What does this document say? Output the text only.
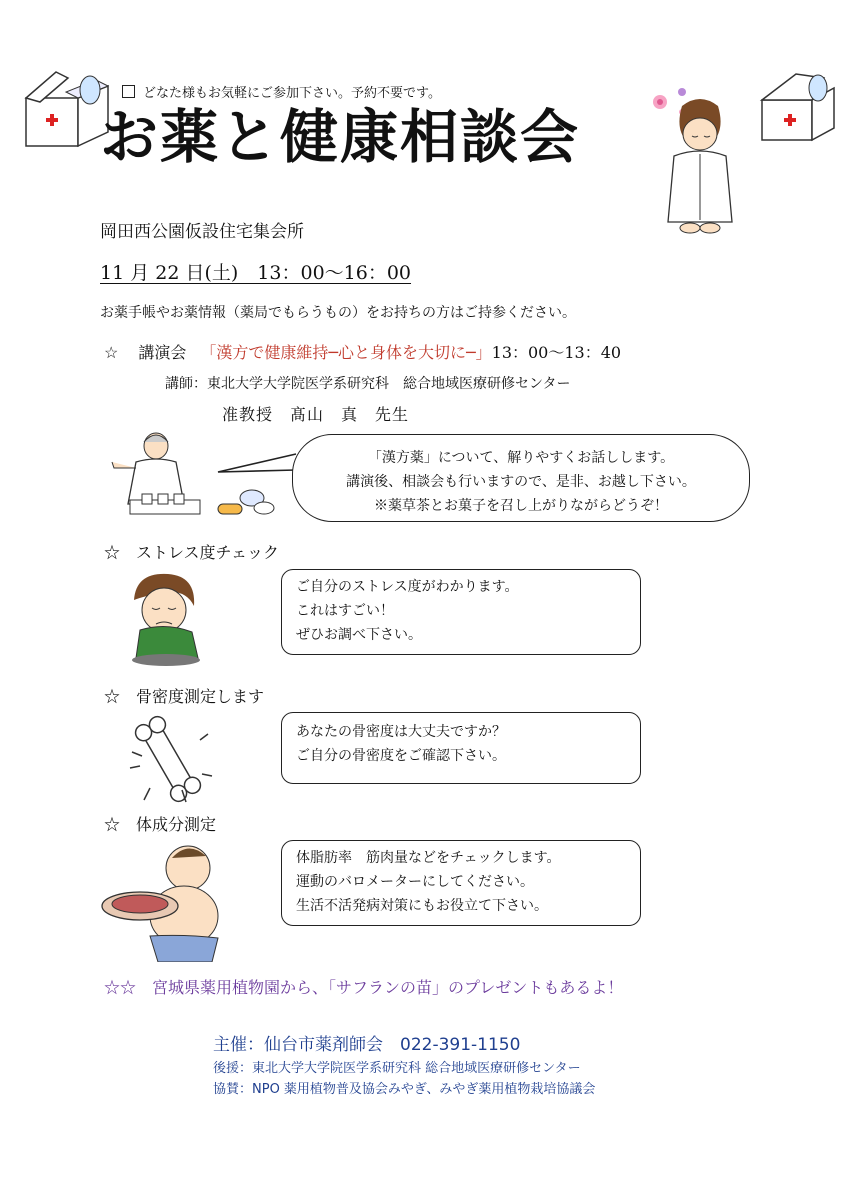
どなた様もお気軽にご参加下さい。予約不要です。
お薬と健康相談会
岡田西公園仮設住宅集会所
11 月 22 日(土)　13：00～16：00
お薬手帳やお薬情報（薬局でもらうもの）をお持ちの方はご持参ください。
☆ 講演会 「漢方で健康維持─心と身体を大切に─」13：00～13：40
講師：東北大学大学院医学系研究科　総合地域医療研修センター
准教授　髙山　真　先生
「漢方薬」について、解りやすくお話しします。
講演後、相談会も行いますので、是非、お越し下さい。
※薬草茶とお菓子を召し上がりながらどうぞ！
☆　ストレス度チェック
ご自分のストレス度がわかります。
これはすごい！
ぜひお調べ下さい。
☆　骨密度測定します
あなたの骨密度は大丈夫ですか？
ご自分の骨密度をご確認下さい。
☆　体成分測定
体脂肪率　筋肉量などをチェックします。
運動のバロメーターにしてください。
生活不活発病対策にもお役立て下さい。
☆☆　宮城県薬用植物園から、「サフランの苗」のプレゼントもあるよ！
主催：仙台市薬剤師会　022-391-1150
後援：東北大学大学院医学系研究科 総合地域医療研修センター
協賛：NPO 薬用植物普及協会みやぎ、みやぎ薬用植物栽培協議会
